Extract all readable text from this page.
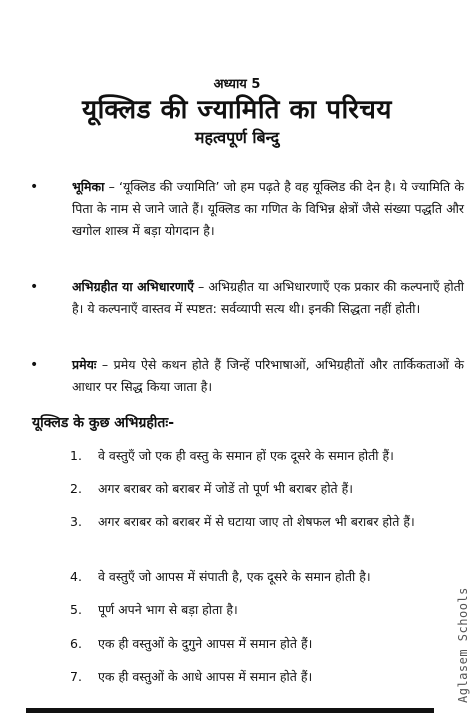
अध्याय 5
यूक्लिड की ज्यामिति का परिचय
महत्वपूर्ण बिन्दु
•	भूमिका – ‘यूक्लिड की ज्यामिति’ जो हम पढ़ते है वह यूक्लिड की देन है। ये ज्यामिति के पिता के नाम से जाने जाते हैं। यूक्लिड का गणित के विभिन्न क्षेत्रों जैसे संख्या पद्धति और खगोल शास्त्र में बड़ा योगदान है।
•	अभिग्रहीत या अभिधारणाएँ – अभिग्रहीत या अभिधारणाएँ एक प्रकार की कल्पनाएँ होती है। ये कल्पनाएँ वास्तव में स्पष्टत: सर्वव्यापी सत्य थी। इनकी सिद्धता नहीं होती।
•	प्रमेयः – प्रमेय ऐसे कथन होते हैं जिन्हें परिभाषाओं, अभिग्रहीतों और तार्किकताओं के आधार पर सिद्ध किया जाता है।
यूक्लिड के कुछ अभिग्रहीतः-
1.	वे वस्तुएँ जो एक ही वस्तु के समान हों एक दूसरे के समान होती हैं।
2.	अगर बराबर को बराबर में जोडें तो पूर्ण भी बराबर होते हैं।
3.	अगर बराबर को बराबर में से घटाया जाए तो शेषफल भी बराबर होते हैं।
4.	वे वस्तुएँ जो आपस में संपाती है, एक दूसरे के समान होती है।
5.	पूर्ण अपने भाग से बड़ा होता है।
6.	एक ही वस्तुओं के दुगुने आपस में समान होते हैं।
7.	एक ही वस्तुओं के आधे आपस में समान होते हैं।	Aglasem Schools
